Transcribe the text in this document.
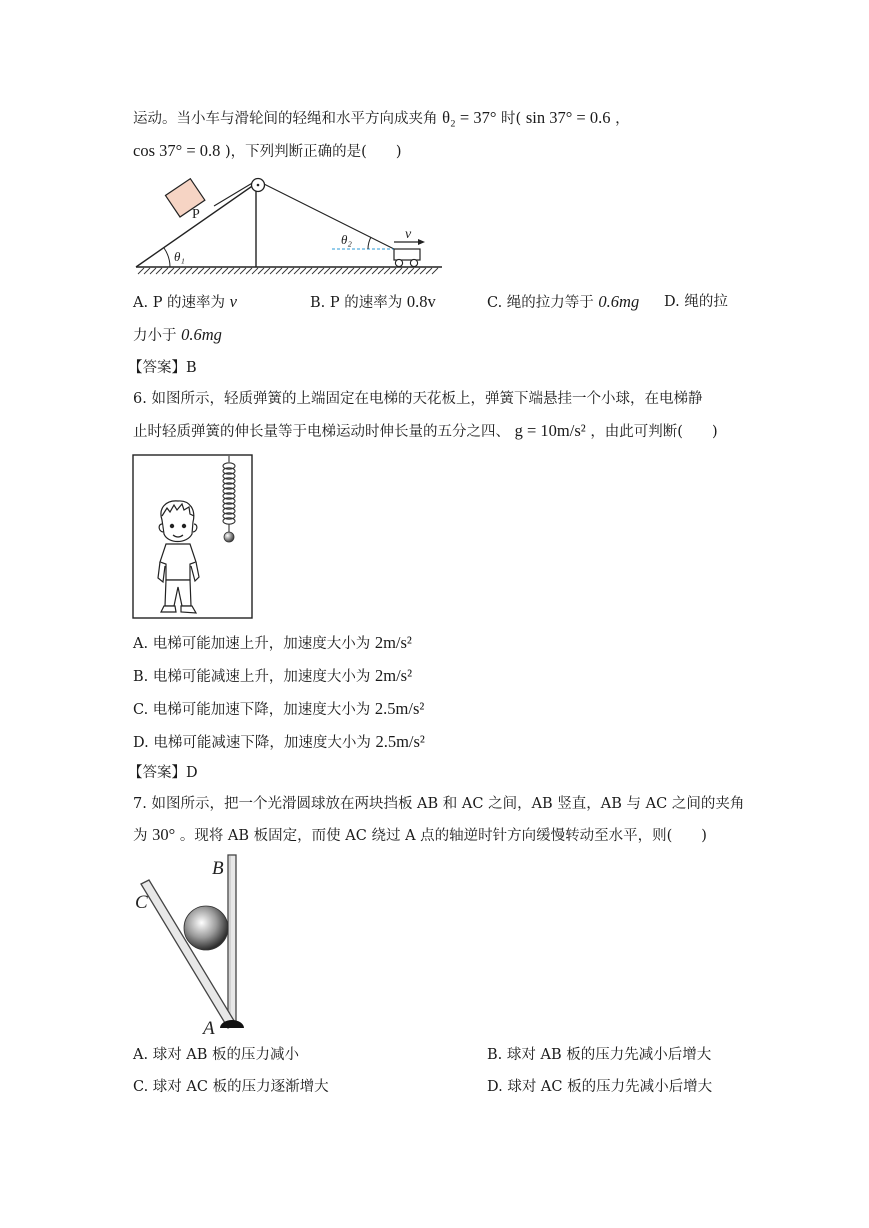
运动。当小车与滑轮间的轻绳和水平方向成夹角 θ₂ = 37° 时( sin 37° = 0.6 ，
cos 37° = 0.8 )，下列判断正确的是(　　)
P
θ₁
θ₂	v
A. P 的速率为 v	B. P 的速率为 0.8v	C. 绳的拉力等于 0.6mg D. 绳的拉
力小于 0.6mg
【答案】B
6. 如图所示，轻质弹簧的上端固定在电梯的天花板上，弹簧下端悬挂一个小球，在电梯静
止时轻质弹簧的伸长量等于电梯运动时伸长量的五分之四、 g = 10m/s² ，由此可判断(　　)
A. 电梯可能加速上升，加速度大小为 2m/s²
B. 电梯可能减速上升，加速度大小为 2m/s²
C. 电梯可能加速下降，加速度大小为 2.5m/s²
D. 电梯可能减速下降，加速度大小为 2.5m/s²
【答案】D
7. 如图所示，把一个光滑圆球放在两块挡板 AB 和 AC 之间，AB 竖直，AB 与 AC 之间的夹角
为 30° 。现将 AB 板固定，而使 AC 绕过 A 点的轴逆时针方向缓慢转动至水平，则(　　)
B
C
A
A. 球对 AB 板的压力减小	B. 球对 AB 板的压力先减小后增大
C. 球对 AC 板的压力逐渐增大	D. 球对 AC 板的压力先减小后增大
